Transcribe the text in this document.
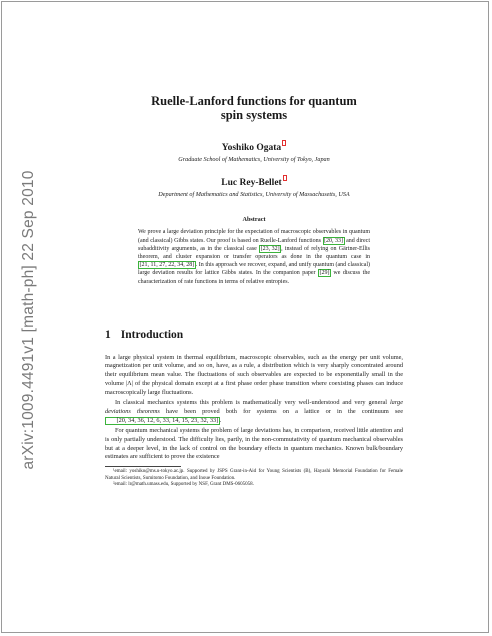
arXiv:1009.4491v1 [math-ph] 22 Sep 2010
Ruelle-Lanford functions for quantum spin systems
Yoshiko Ogata
Graduate School of Mathematics, University of Tokyo, Japan
Luc Rey-Bellet
Department of Mathematics and Statistics, University of Massachusetts, USA
Abstract
We prove a large deviation principle for the expectation of macroscopic observables in quantum (and classical) Gibbs states. Our proof is based on Ruelle-Lanford functions [20, 33] and direct subadditivity arguments, as in the classical case [23, 32] , instead of relying on Gärtner-Ellis theorem, and cluster expansion or transfer operators as done in the quantum case in [21, 11, 27, 22, 34, 28] . In this approach we recover, expand, and unify quantum (and classical) large deviation results for lattice Gibbs states. In the companion paper [29] we discuss the characterization of rate functions in terms of relative entropies.
1 Introduction

In a large physical system in thermal equilibrium, macroscopic observables, such as the energy per unit volume, magnetization per unit volume, and so on, have, as a rule, a distribution which is very sharply concentrated around their equilibrium mean value. The fluctuations of such observables are expected to be exponentially small in the volume |Λ| of the physical domain except at a first phase order phase transition where coexisting phases can induce macroscopically large fluctuations.

In classical mechanics systems this problem is mathematically very well-understood and very general large deviations theorems have been proved both for systems on a lattice or in the continuum see [20, 34, 36, 12, 6, 33, 14, 15, 23, 32, 33] .

For quantum mechanical systems the problem of large deviations has, in comparison, received little attention and is only partially understood. The difficulty lies, partly, in the non-commutativity of quantum mechanical observables but at a deeper level, in the lack of control on the boundary effects in quantum mechanics. Known bulk/boundary estimates are sufficient to prove the existence

¹email: yoshiko@ms.u-tokyo.ac.jp. Supported by JSPS Grant-in-Aid for Young Scientists (B), Hayashi Memorial Foundation for Female Natural Scientists, Sumitomo Foundation, and Inoue Foundation.

²email: lr@math.umass.edu, Supported by NSF, Grant DMS-0605058.
